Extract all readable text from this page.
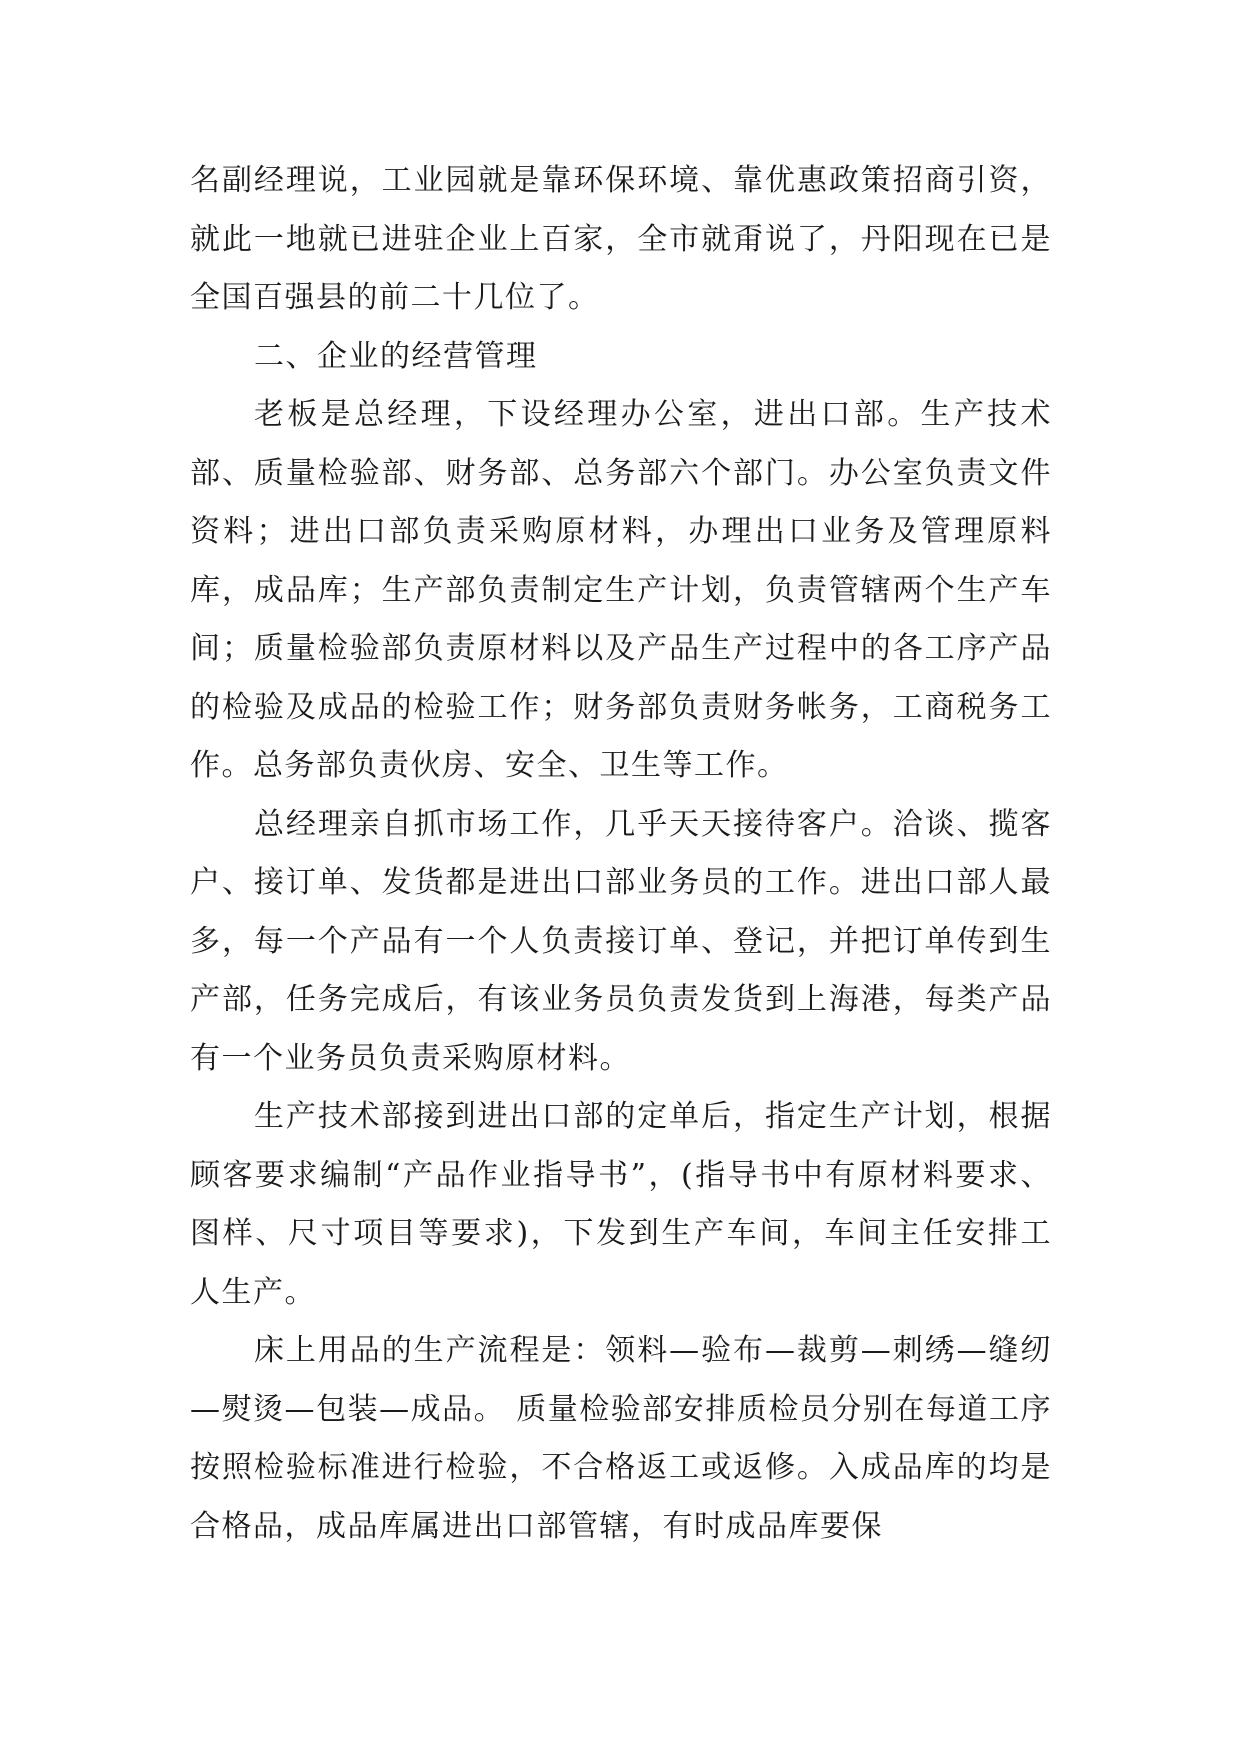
名副经理说，工业园就是靠环保环境、靠优惠政策招商引资，就此一地就已进驻企业上百家，全市就甭说了，丹阳现在已是全国百强县的前二十几位了。

二、企业的经营管理

老板是总经理，下设经理办公室，进出口部。生产技术部、质量检验部、财务部、总务部六个部门。办公室负责文件资料；进出口部负责采购原材料，办理出口业务及管理原料库，成品库；生产部负责制定生产计划，负责管辖两个生产车间；质量检验部负责原材料以及产品生产过程中的各工序产品的检验及成品的检验工作；财务部负责财务帐务，工商税务工作。总务部负责伙房、安全、卫生等工作。

总经理亲自抓市场工作，几乎天天接待客户。洽谈、揽客户、接订单、发货都是进出口部业务员的工作。进出口部人最多，每一个产品有一个人负责接订单、登记，并把订单传到生产部，任务完成后，有该业务员负责发货到上海港，每类产品有一个业务员负责采购原材料。

生产技术部接到进出口部的定单后，指定生产计划，根据顾客要求编制“产品作业指导书”，(指导书中有原材料要求、图样、尺寸项目等要求)，下发到生产车间，车间主任安排工人生产。

床上用品的生产流程是：领料—验布—裁剪—刺绣—缝纫—熨烫—包装—成品。 质量检验部安排质检员分别在每道工序按照检验标准进行检验，不合格返工或返修。入成品库的均是合格品，成品库属进出口部管辖，有时成品库要保
